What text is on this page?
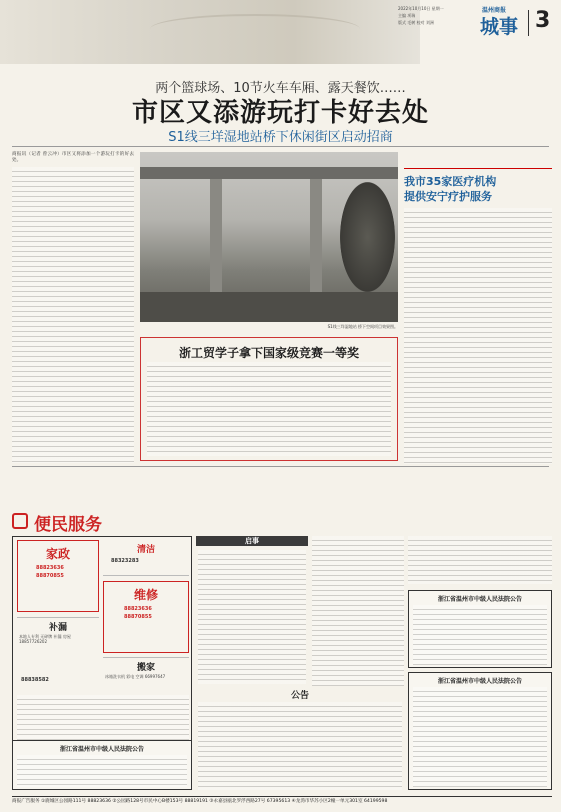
2022年10月10日 星期一
主编 项瑞
版式 毛树 校对 刘洲
温州商报
城事 3
两个篮球场、10节火车车厢、露天餐饮……
市区又添游玩打卡好去处
S1线三垟湿地站桥下休闲街区启动招商
商报讯（记者 曾云冲）市区又将添加一个游玩打卡的好去处。
S1线三垟湿地站 桥下空间项目效果图。
我市35家医疗机构
提供安宁疗护服务
浙工贸学子拿下国家级竞赛一等奖
便民服务
家政
88823636
88870855
清洁
88323283
维修
88823636
88870855
补漏
本地人专利 无碎牌 补漏 房屋 18857726202
搬家
冰箱洗衣机 彩电 空调 66997647
88838582
启事
浙江省温州市中级人民法院公告
浙江省温州市中级人民法院公告
公告
浙江省温州市中级人民法院公告
商报广告服务 ①鹿城区公园路111号 88823636 ②公园路128号市民中心B楼153号 88819191 ③永嘉县瓯北罗浮西路27号 67395613 ④龙湾市华苏小区2幢一单元301室 64199598
